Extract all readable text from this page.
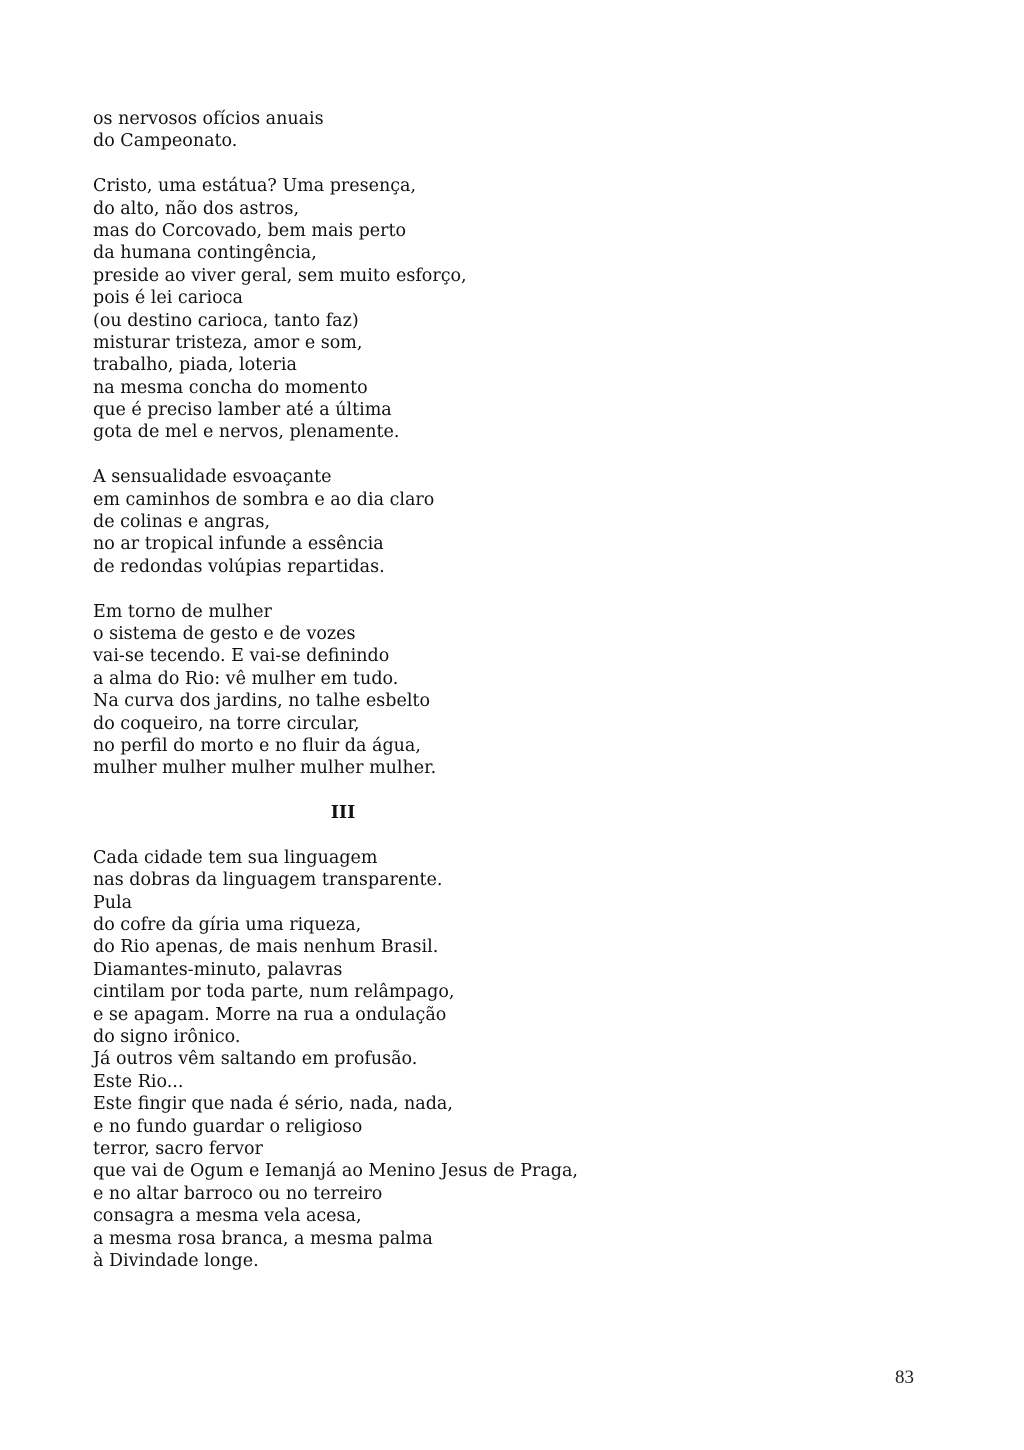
os nervosos ofícios anuais
do Campeonato.
Cristo, uma estátua? Uma presença,
do alto, não dos astros,
mas do Corcovado, bem mais perto
da humana contingência,
preside ao viver geral, sem muito esforço,
pois é lei carioca
(ou destino carioca, tanto faz)
misturar tristeza, amor e som,
trabalho, piada, loteria
na mesma concha do momento
que é preciso lamber até a última
gota de mel e nervos, plenamente.
A sensualidade esvoaçante
em caminhos de sombra e ao dia claro
de colinas e angras,
no ar tropical infunde a essência
de redondas volúpias repartidas.
Em torno de mulher
o sistema de gesto e de vozes
vai-se tecendo. E vai-se definindo
a alma do Rio: vê mulher em tudo.
Na curva dos jardins, no talhe esbelto
do coqueiro, na torre circular,
no perfil do morto e no fluir da água,
mulher mulher mulher mulher mulher.
III
Cada cidade tem sua linguagem
nas dobras da linguagem transparente.
Pula
do cofre da gíria uma riqueza,
do Rio apenas, de mais nenhum Brasil.
Diamantes-minuto, palavras
cintilam por toda parte, num relâmpago,
e se apagam. Morre na rua a ondulação
do signo irônico.
Já outros vêm saltando em profusão.
Este Rio...
Este fingir que nada é sério, nada, nada,
e no fundo guardar o religioso
terror, sacro fervor
que vai de Ogum e Iemanjá ao Menino Jesus de Praga,
e no altar barroco ou no terreiro
consagra a mesma vela acesa,
a mesma rosa branca, a mesma palma
à Divindade longe.
83
